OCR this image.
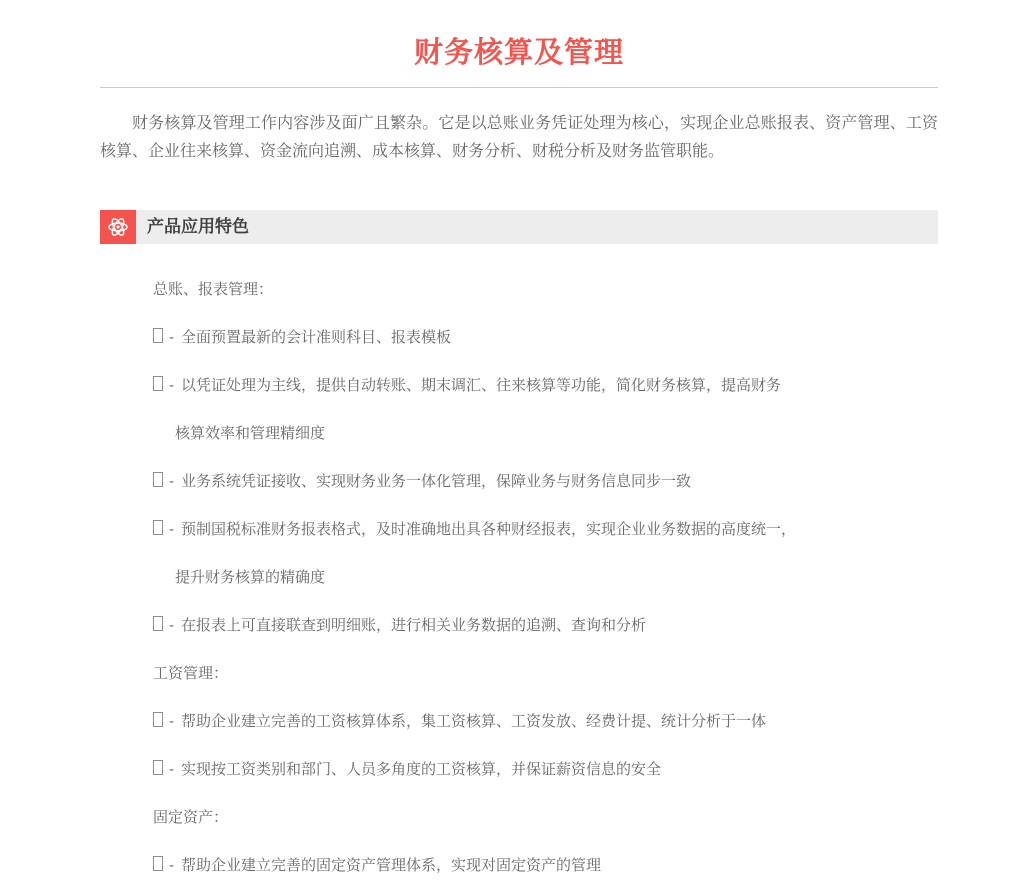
财务核算及管理

财务核算及管理工作内容涉及面广且繁杂。它是以总账业务凭证处理为核心，实现企业总账报表、资产管理、工资核算、企业往来核算、资金流向追溯、成本核算、财务分析、财税分析及财务监管职能。

产品应用特色
总账、报表管理：
- 全面预置最新的会计准则科目、报表模板
- 以凭证处理为主线，提供自动转账、期末调汇、往来核算等功能，简化财务核算，提高财务
核算效率和管理精细度
- 业务系统凭证接收、实现财务业务一体化管理，保障业务与财务信息同步一致
- 预制国税标准财务报表格式，及时准确地出具各种财经报表，实现企业业务数据的高度统一，
提升财务核算的精确度
- 在报表上可直接联查到明细账，进行相关业务数据的追溯、查询和分析
工资管理：
- 帮助企业建立完善的工资核算体系，集工资核算、工资发放、经费计提、统计分析于一体
- 实现按工资类别和部门、人员多角度的工资核算，并保证薪资信息的安全
固定资产：
- 帮助企业建立完善的固定资产管理体系，实现对固定资产的管理
